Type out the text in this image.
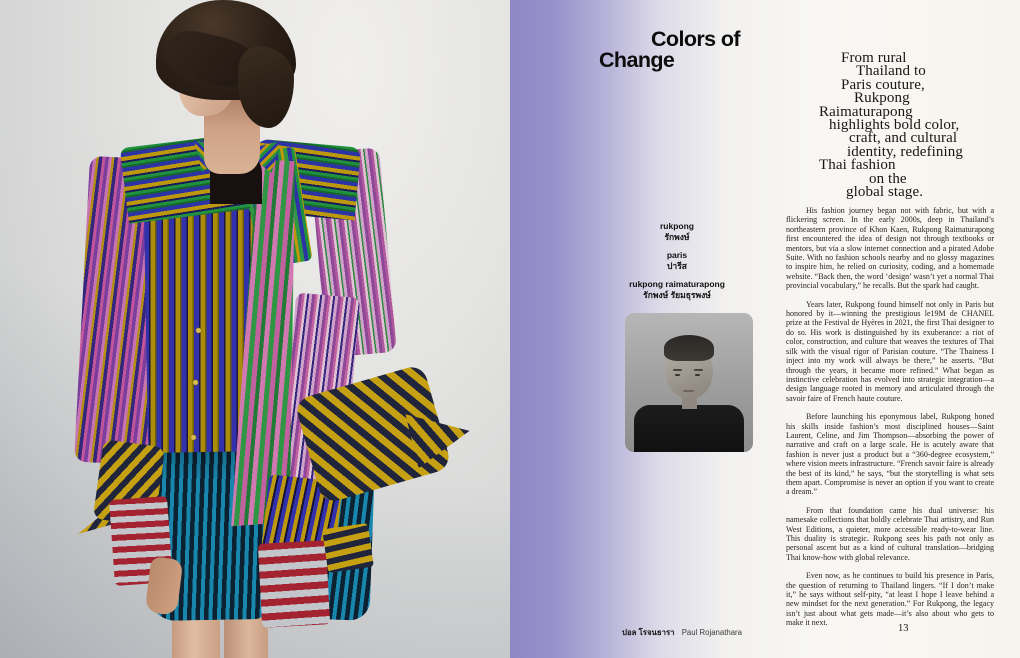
Colors of
Change	From rural
Thailand to
Paris couture,
Rukpong
Raimaturapong
highlights bold color,
craft, and cultural
identity, redefining
Thai fashion
on the
global stage.
rukpong
รักพงษ์
paris
ปารีส
rukpong raimaturapong
รักพงษ์ รัยมธุรพงษ์

His fashion journey began not with fabric, but with a flickering screen. In the early 2000s, deep in Thailand’s northeastern province of Khon Kaen, Rukpong Raimaturapong first encountered the idea of design not through textbooks or mentors, but via a slow internet connection and a pirated Adobe Suite. With no fashion schools nearby and no glossy magazines to inspire him, he relied on curiosity, coding, and a homemade website. “Back then, the word ‘design’ wasn’t yet a normal Thai provincial vocabulary,” he recalls. But the spark had caught.

Years later, Rukpong found himself not only in Paris but honored by it—winning the prestigious le19M de CHANEL prize at the Festival de Hyères in 2021, the first Thai designer to do so. His work is distinguished by its exuberance: a riot of color, construction, and culture that weaves the textures of Thai silk with the visual rigor of Parisian couture. “The Thainess I inject into my work will always be there,” he asserts. “But through the years, it became more refined.” What began as instinctive celebration has evolved into strategic integration—a design language rooted in memory and articulated through the savoir faire of French haute couture.

Before launching his eponymous label, Rukpong honed his skills inside fashion’s most disciplined houses—Saint Laurent, Celine, and Jim Thompson—absorbing the power of narrative and craft on a large scale. He is acutely aware that fashion is never just a product but a “360-degree ecosystem,” where vision meets infrastructure. “French savoir faire is already the best of its kind,” he says, “but the storytelling is what sets them apart. Compromise is never an option if you want to create a dream.”

From that foundation came his dual universe: his namesake collections that boldly celebrate Thai artistry, and Run West Editions, a quieter, more accessible ready-to-wear line. This duality is strategic. Rukpong sees his path not only as personal ascent but as a kind of cultural translation—bridging Thai know-how with global relevance.

Even now, as he continues to build his presence in Paris, the question of returning to Thailand lingers. “If I don’t make it,” he says without self-pity, “at least I hope I leave behind a new mindset for the next generation.” For Rukpong, the legacy isn’t just about what gets made—it’s also about who gets to make it next.

ปอล โรจนธารา Paul Rojanathara	13
